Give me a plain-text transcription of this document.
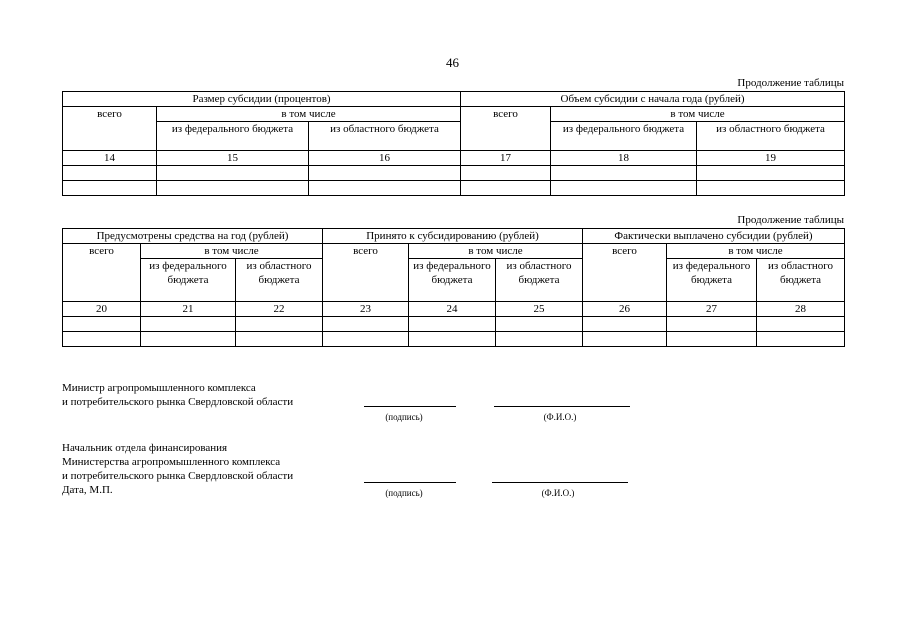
46
Продолжение таблицы
Размер субсидии (процентов)			Объем субсидии с начала года (рублей)		
всего	в том числе		всего	в том числе	
	из федерального бюджета	из областного бюджета		из федерального бюджета	из областного бюджета
14	15	16	17	18	19

Продолжение таблицы
Предусмотрены средства на год (рублей)			Принято к субсидированию (рублей)			Фактически выплачено субсидии (рублей)		
всего	в том числе		всего	в том числе		всего	в том числе	
	из федерального бюджета	из областного бюджета		из федерального бюджета	из областного бюджета		из федерального бюджета	из областного бюджета
20	21	22	23	24	25	26	27	28

Министр агропромышленного комплекса
и потребительского рынка Свердловской области
(подпись)	(Ф.И.О.)
Начальник отдела финансирования
Министерства агропромышленного комплекса
и потребительского рынка Свердловской области
Дата, М.П.	(подпись)	(Ф.И.О.)
